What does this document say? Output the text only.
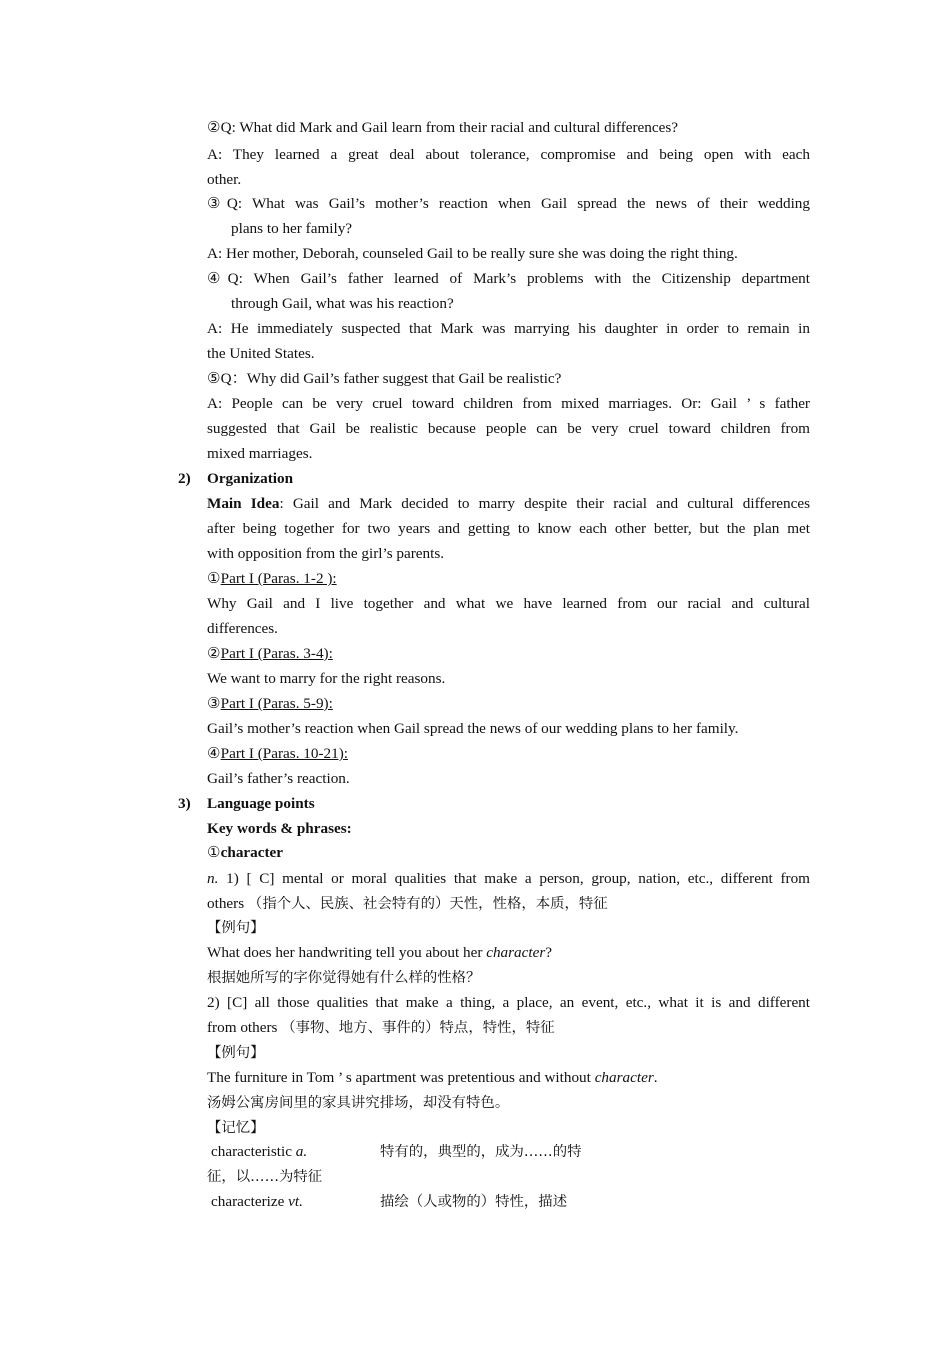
②Q: What did Mark and Gail learn from their racial and cultural differences?
A: They learned a great deal about tolerance, compromise and being open with each
other.
③Q: What was Gail’s mother’s reaction when Gail spread the news of their wedding
plans to her family?
A: Her mother, Deborah, counseled Gail to be really sure she was doing the right thing.
④Q: When Gail’s father learned of Mark’s problems with the Citizenship department
through Gail, what was his reaction?
A: He immediately suspected that Mark was marrying his daughter in order to remain in
the United States.
⑤Q：Why did Gail’s father suggest that Gail be realistic?
A: People can be very cruel toward children from mixed marriages. Or: Gail ’ s father
suggested that Gail be realistic because people can be very cruel toward children from
mixed marriages.
2) Organization
Main Idea: Gail and Mark decided to marry despite their racial and cultural differences
after being together for two years and getting to know each other better, but the plan met
with opposition from the girl’s parents.
①Part I (Paras. 1-2 ):
Why Gail and I live together and what we have learned from our racial and cultural
differences.
②Part I (Paras. 3-4):
We want to marry for the right reasons.
③Part I (Paras. 5-9):
Gail’s mother’s reaction when Gail spread the news of our wedding plans to her family.
④Part I (Paras. 10-21):
Gail’s father’s reaction.
3) Language points
Key words & phrases:
①character
n. 1) [ C] mental or moral qualities that make a person, group, nation, etc., different from
others （指个人、民族、社会特有的）天性，性格，本质，特征
【例句】
What does her handwriting tell you about her character?
根据她所写的字你觉得她有什么样的性格？
2) [C] all those qualities that make a thing, a place, an event, etc., what it is and different
from others （事物、地方、事件的）特点，特性，特征
【例句】
The furniture in Tom ’ s apartment was pretentious and without character.
汤姆公寓房间里的家具讲究排场，却没有特色。
【记忆】
characteristic a.	特有的，典型的，成为……的特
征，以……为特征
characterize vt.	描绘（人或物的）特性，描述
